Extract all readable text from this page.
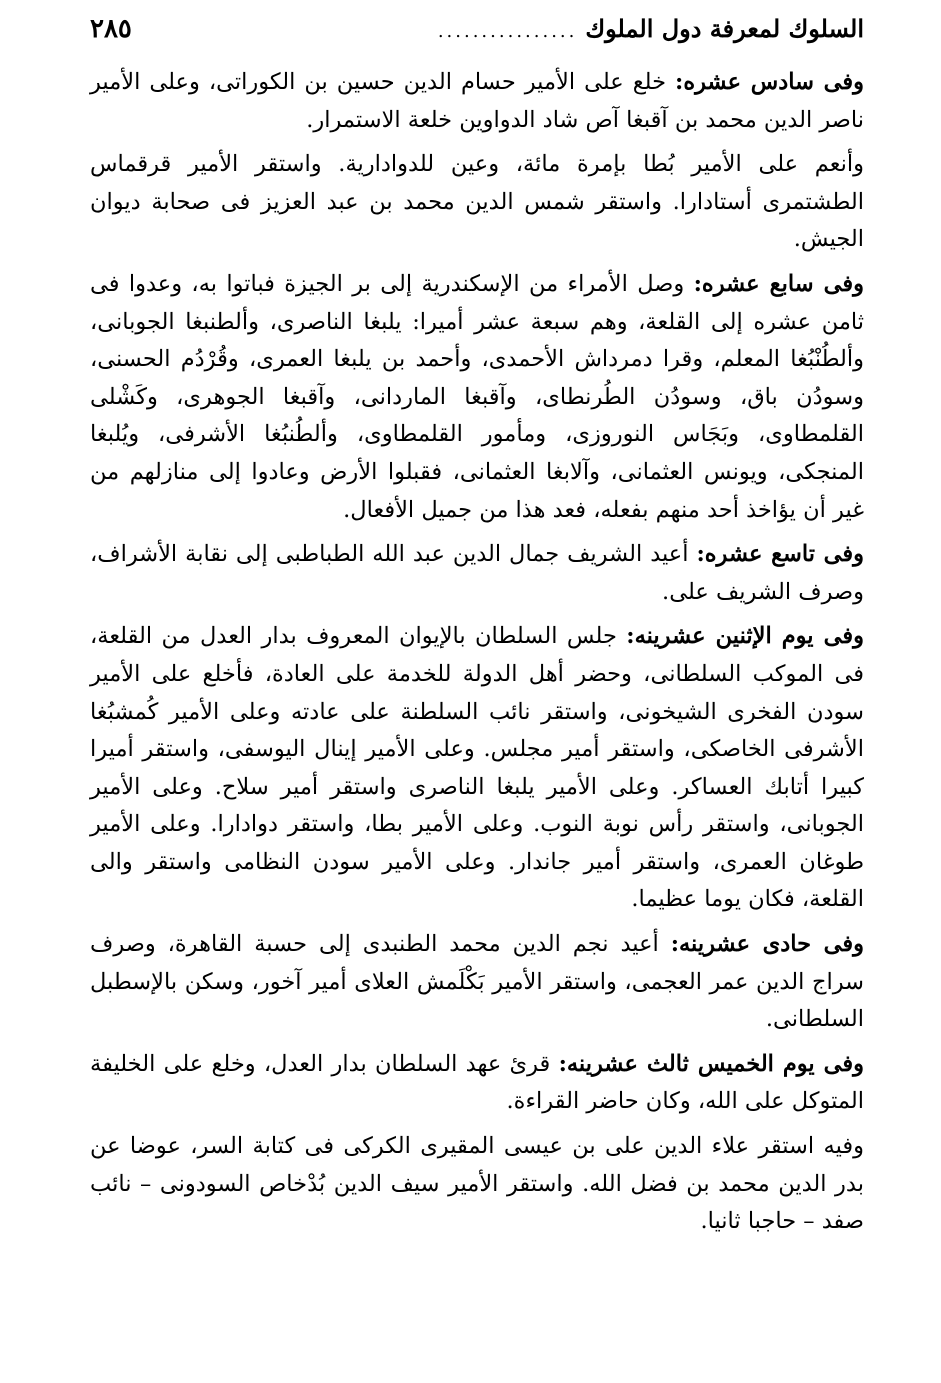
السلوك لمعرفة دول الملوك
................
٢٨٥

وفى سادس عشره: خلع على الأمير حسام الدين حسين بن الكوراتى، وعلى الأمير ناصر الدين محمد بن آقبغا آص شاد الدواوين خلعة الاستمرار.

وأنعم على الأمير بُطا بإمرة مائة، وعين للدوادارية. واستقر الأمير قرقماس الطشتمرى أستادارا. واستقر شمس الدين محمد بن عبد العزيز فى صحابة ديوان الجيش.

وفى سابع عشره: وصل الأمراء من الإسكندرية إلى بر الجيزة فباتوا به، وعدوا فى ثامن عشره إلى القلعة، وهم سبعة عشر أميرا: يلبغا الناصرى، وألطنبغا الجوبانى، وألطُنْبُغا المعلم، وقرا دمرداش الأحمدى، وأحمد بن يلبغا العمرى، وقُرْدُم الحسنى، وسودُن باق، وسودُن الطُرنطاى، وآقبغا الماردانى، وآقبغا الجوهرى، وكَشْلى القلمطاوى، وبَجَاس النوروزى، ومأمور القلمطاوى، وألطُنبُغا الأشرفى، ويُلبغا المنجكى، ويونس العثمانى، وآلابغا العثمانى، فقبلوا الأرض وعادوا إلى منازلهم من غير أن يؤاخذ أحد منهم بفعله، فعد هذا من جميل الأفعال.

وفى تاسع عشره: أعيد الشريف جمال الدين عبد الله الطباطبى إلى نقابة الأشراف، وصرف الشريف على.

وفى يوم الإثنين عشرينه: جلس السلطان بالإيوان المعروف بدار العدل من القلعة، فى الموكب السلطانى، وحضر أهل الدولة للخدمة على العادة، فأخلع على الأمير سودن الفخرى الشيخونى، واستقر نائب السلطنة على عادته وعلى الأمير كُمشبُغا الأشرفى الخاصكى، واستقر أمير مجلس. وعلى الأمير إينال اليوسفى، واستقر أميرا كبيرا أتابك العساكر. وعلى الأمير يلبغا الناصرى واستقر أمير سلاح. وعلى الأمير الجوبانى، واستقر رأس نوبة النوب. وعلى الأمير بطا، واستقر دوادارا. وعلى الأمير طوغان العمرى، واستقر أمير جاندار. وعلى الأمير سودن النظامى واستقر والى القلعة، فكان يوما عظيما.

وفى حادى عشرينه: أعيد نجم الدين محمد الطنبدى إلى حسبة القاهرة، وصرف سراج الدين عمر العجمى، واستقر الأمير بَكْلَمش العلاى أمير آخور، وسكن بالإسطبل السلطانى.

وفى يوم الخميس ثالث عشرينه: قرئ عهد السلطان بدار العدل، وخلع على الخليفة المتوكل على الله، وكان حاضر القراءة.

وفيه استقر علاء الدين على بن عيسى المقيرى الكركى فى كتابة السر، عوضا عن بدر الدين محمد بن فضل الله. واستقر الأمير سيف الدين بُدْخاص السودونى – نائب صفد – حاجبا ثانيا.
